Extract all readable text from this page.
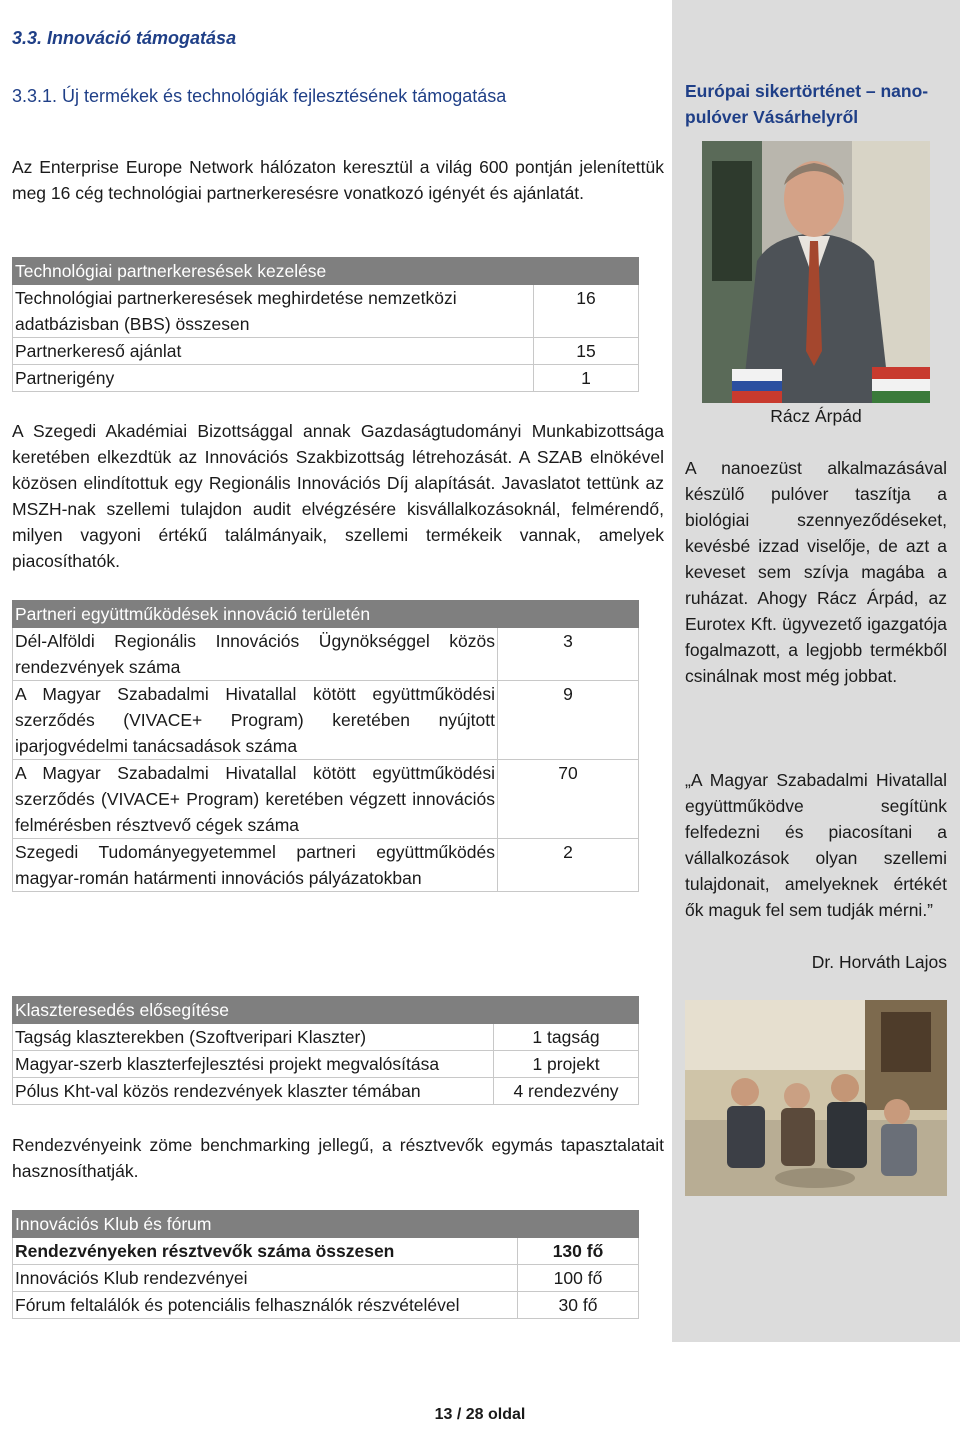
3.3. Innováció támogatása
3.3.1. Új termékek és technológiák fejlesztésének támogatása
Az Enterprise Europe Network hálózaton keresztül a világ 600 pontján jelenítettük meg 16 cég technológiai partnerkeresésre vonatkozó igényét és ajánlatát.
Technológiai partnerkeresések kezelése	
Technológiai partnerkeresések meghirdetése nemzetközi adatbázisban (BBS) összesen	16
Partnerkereső ajánlat	15
Partnerigény	1
A Szegedi Akadémiai Bizottsággal annak Gazdaságtudományi Munkabizottsága keretében elkezdtük az Innovációs Szakbizottság létrehozását. A SZAB elnökével közösen elindítottuk egy Regionális Innovációs Díj alapítását. Javaslatot tettünk az MSZH-nak szellemi tulajdon audit elvégzésére kisvállalkozásoknál, felmérendő, milyen vagyoni értékű találmányaik, szellemi termékeik vannak, amelyek piacosíthatók.
Partneri együttműködések innováció területén	
Dél-Alföldi Regionális Innovációs Ügynökséggel közös rendezvények száma	3
A Magyar Szabadalmi Hivatallal kötött együttműködési szerződés (VIVACE+ Program) keretében nyújtott iparjogvédelmi tanácsadások száma	9
A Magyar Szabadalmi Hivatallal kötött együttműködési szerződés (VIVACE+ Program) keretében végzett innovációs felmérésben résztvevő cégek száma	70
Szegedi Tudományegyetemmel partneri együttműködés magyar-román határmenti innovációs pályázatokban	2
Klaszteresedés elősegítése	
Tagság klaszterekben (Szoftveripari Klaszter)	1 tagság
Magyar-szerb klaszterfejlesztési projekt megvalósítása	1 projekt
Pólus Kht-val közös rendezvények klaszter témában	4 rendezvény
Rendezvényeink zöme benchmarking jellegű, a résztvevők egymás tapasztalatait hasznosíthatják.
Innovációs Klub és fórum	
Rendezvényeken résztvevők száma összesen	130 fő
Innovációs Klub rendezvényei	100 fő
Fórum feltalálók és potenciális felhasználók részvételével	30 fő
Európai sikertörténet – nano-pulóver Vásárhelyről
Rácz Árpád
A nanoezüst alkalmazásával készülő pulóver taszítja a biológiai szennyeződéseket, kevésbé izzad viselője, de azt a keveset sem szívja magába a ruházat. Ahogy Rácz Árpád, az Eurotex Kft. ügyvezető igazgatója fogalmazott, a legjobb termékből csinálnak most még jobbat.
„A Magyar Szabadalmi Hivatallal együttműködve segítünk felfedezni és piacosítani a vállalkozások olyan szellemi tulajdonait, amelyeknek értékét ők maguk fel sem tudják mérni.”
Dr. Horváth Lajos
13 / 28 oldal
